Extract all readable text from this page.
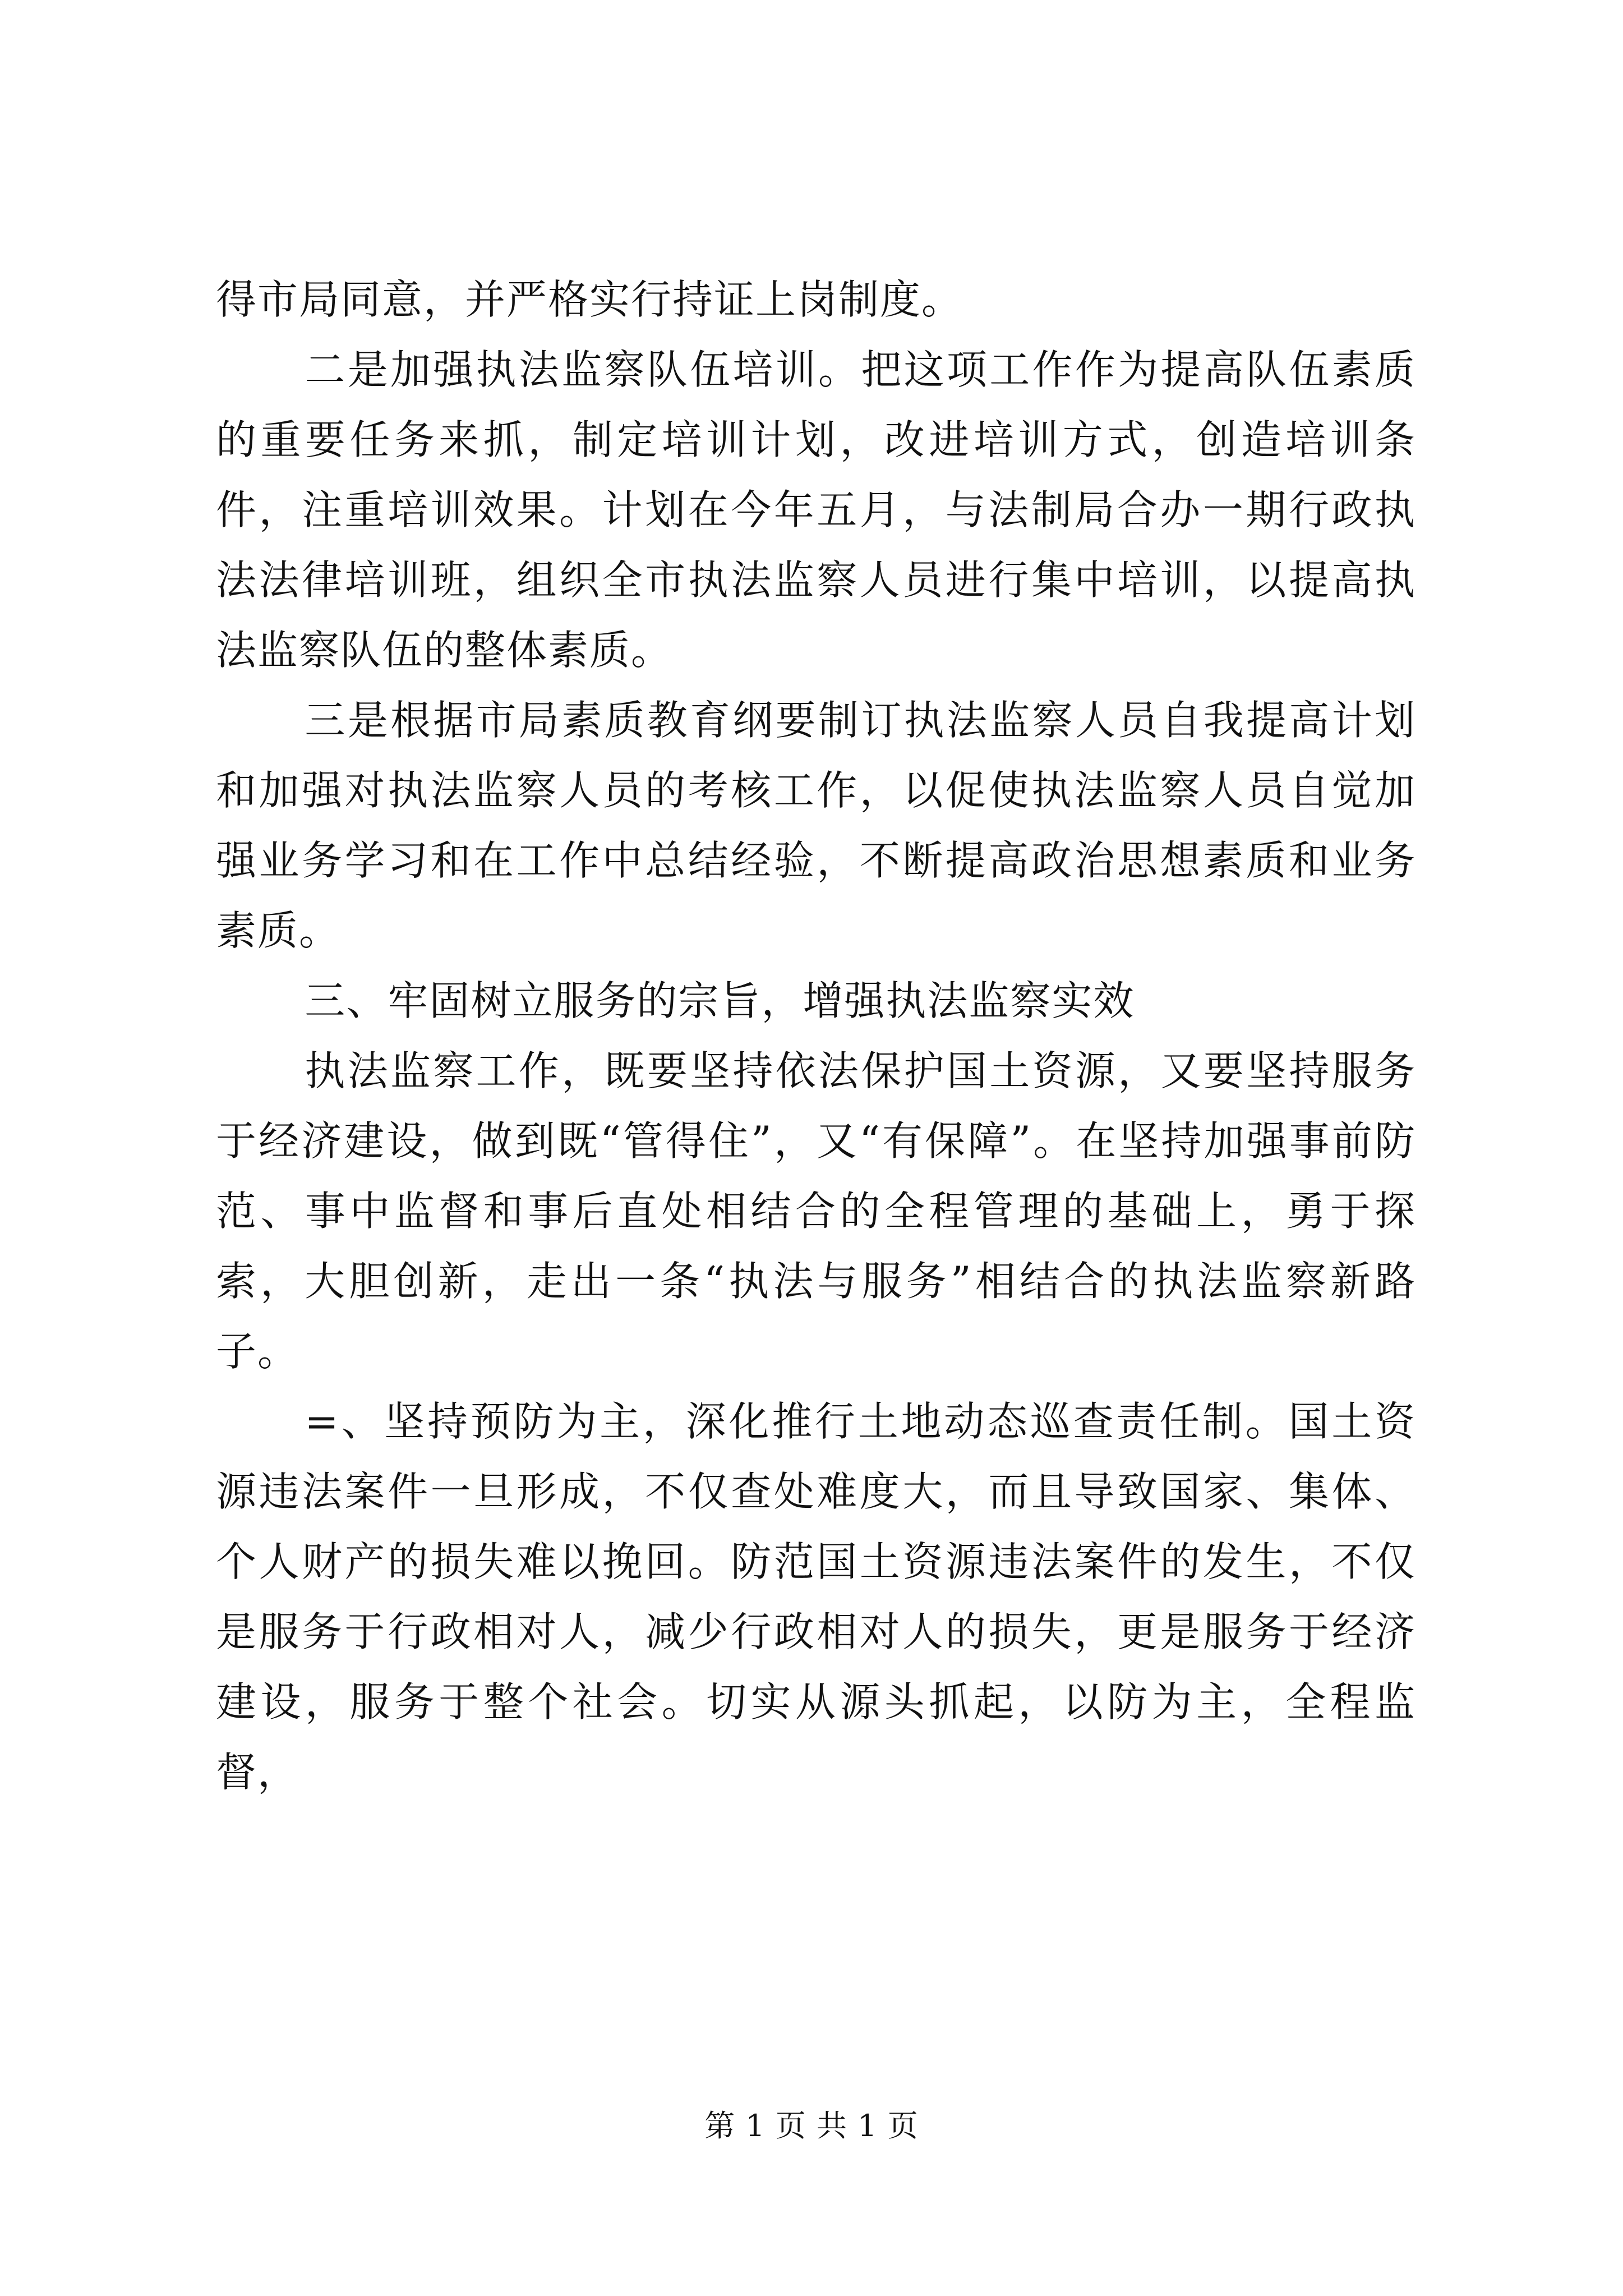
得市局同意，并严格实行持证上岗制度。

二是加强执法监察队伍培训。把这项工作作为提高队伍素质的重要任务来抓，制定培训计划，改进培训方式，创造培训条件，注重培训效果。计划在今年五月，与法制局合办一期行政执法法律培训班，组织全市执法监察人员进行集中培训，以提高执法监察队伍的整体素质。

三是根据市局素质教育纲要制订执法监察人员自我提高计划和加强对执法监察人员的考核工作，以促使执法监察人员自觉加强业务学习和在工作中总结经验，不断提高政治思想素质和业务素质。

三、牢固树立服务的宗旨，增强执法监察实效

执法监察工作，既要坚持依法保护国土资源，又要坚持服务于经济建设，做到既“管得住”，又“有保障”。在坚持加强事前防范、事中监督和事后直处相结合的全程管理的基础上，勇于探索，大胆创新，走出一条“执法与服务”相结合的执法监察新路子。

=、坚持预防为主，深化推行土地动态巡查责任制。国土资源违法案件一旦形成，不仅查处难度大，而且导致国家、集体、个人财产的损失难以挽回。防范国土资源违法案件的发生，不仅是服务于行政相对人，减少行政相对人的损失，更是服务于经济建设，服务于整个社会。切实从源头抓起，以防为主，全程监督，

第 1 页 共 1 页
